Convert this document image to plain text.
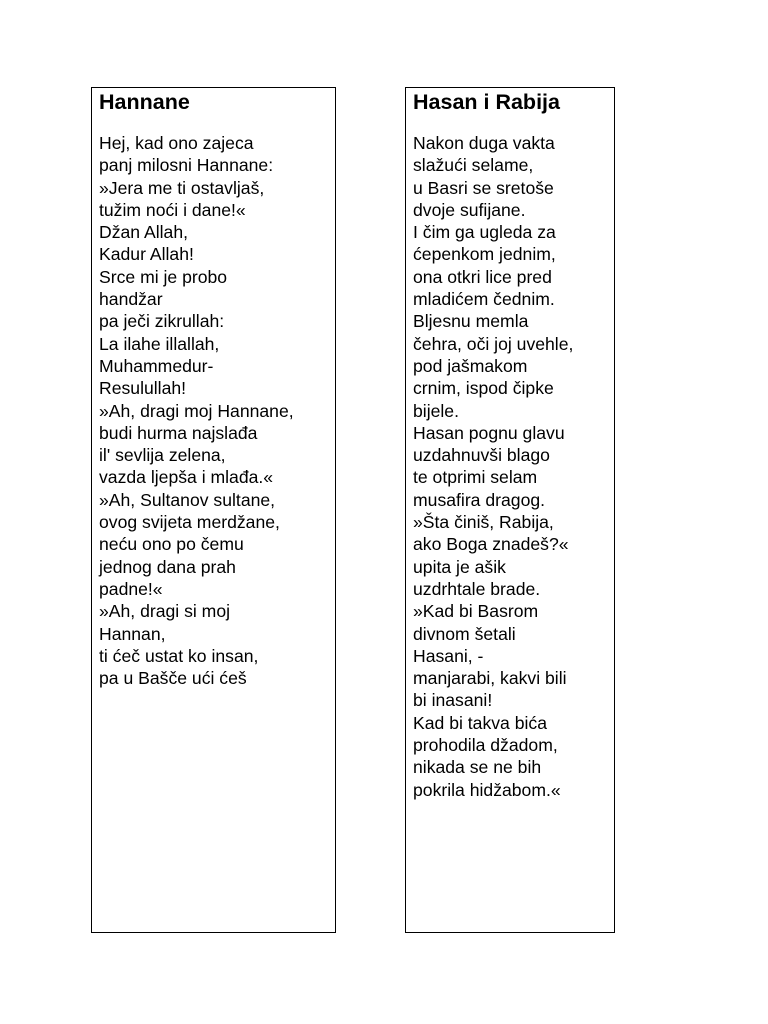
Hannane
Hej, kad ono zajeca
panj milosni Hannane:
»Jera me ti ostavljaš,
tužim noći i dane!«
Džan Allah,
Kadur Allah!
Srce mi je probo
handžar
pa ječi zikrullah:
La ilahe illallah,
Muhammedur-
Resulullah!
»Ah, dragi moj Hannane,
budi hurma najslađa
il' sevlija zelena,
vazda ljepša i mlađa.«
»Ah, Sultanov sultane,
ovog svijeta merdžane,
neću ono po čemu
jednog dana prah
padne!«
»Ah, dragi si moj
Hannan,
ti ćeč ustat ko insan,
pa u Bašče ući ćeš
Hasan i Rabija
Nakon duga vakta
slažući selame,
u Basri se sretoše
dvoje sufijane.
I čim ga ugleda za
ćepenkom jednim,
ona otkri lice pred
mladićem čednim.
Bljesnu memla
čehra, oči joj uvehle,
pod jašmakom
crnim, ispod čipke
bijele.
Hasan pognu glavu
uzdahnuvši blago
te otprimi selam
musafira dragog.
»Šta činiš, Rabija,
ako Boga znadeš?«
upita je ašik
uzdrhtale brade.
»Kad bi Basrom
divnom šetali
Hasani, -
manjarabi, kakvi bili
bi inasani!
Kad bi takva bića
prohodila džadom,
nikada se ne bih
pokrila hidžabom.«
